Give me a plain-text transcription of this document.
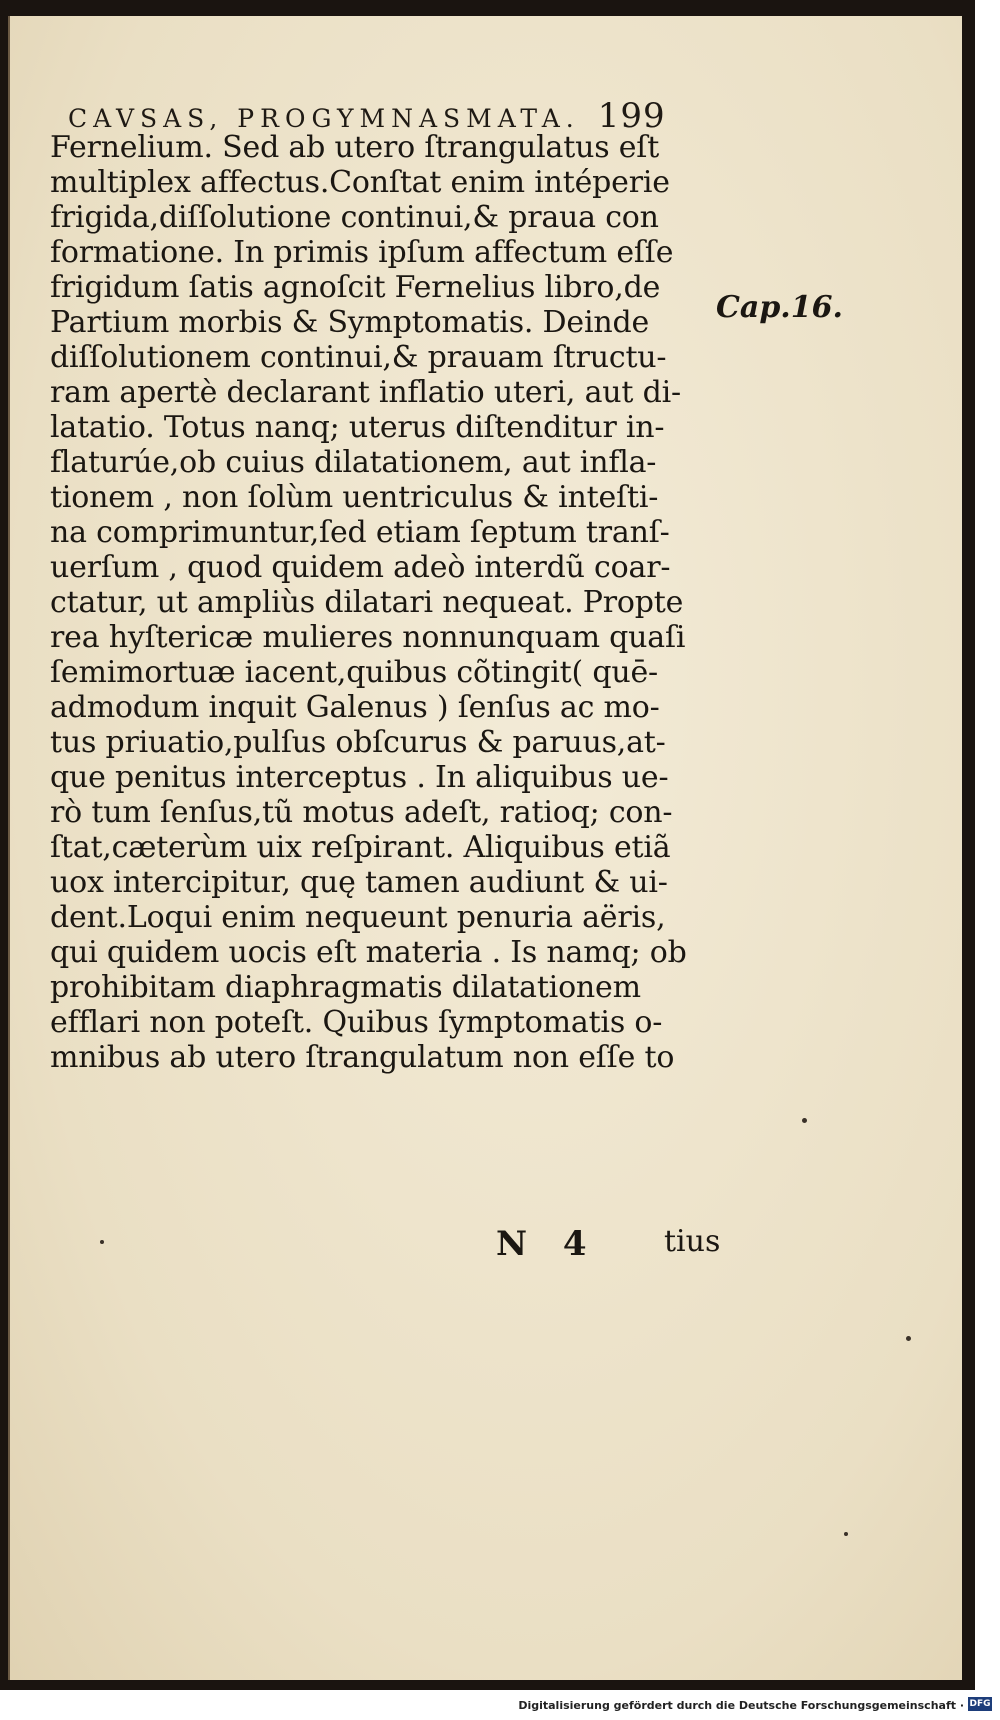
CAVSAS, PROGYMNASMATA. 199
Fernelium. Sed ab utero ſtrangulatus eſt
multiplex affectus.Conſtat enim intéperie
frigida,diſſolutione continui,& praua con
formatione. In primis ipſum affectum eſſe
frigidum ſatis agnoſcit Fernelius libro,de
Partium morbis & Symptomatis. Deinde
diſſolutionem continui,& prauam ſtructu-
ram apertè declarant inflatio uteri, aut di-
latatio. Totus nanq; uterus diſtenditur in-
flaturúe,ob cuius dilatationem, aut infla-
tionem , non ſolùm uentriculus & inteſti-
na comprimuntur,ſed etiam ſeptum tranſ-
uerſum , quod quidem adeò interdũ coar-
ctatur, ut ampliùs dilatari nequeat. Propte
rea hyſtericæ mulieres nonnunquam quaſi
ſemimortuæ iacent,quibus cõtingit( quē-
admodum inquit Galenus ) ſenſus ac mo-
tus priuatio,pulſus obſcurus & paruus,at-
que penitus interceptus . In aliquibus ue-
rò tum ſenſus,tũ motus adeſt, ratioq; con-
ſtat,cæterùm uix reſpirant. Aliquibus etiã
uox intercipitur, quę tamen audiunt & ui-
dent.Loqui enim nequeunt penuria aëris,
qui quidem uocis eſt materia . Is namq; ob
prohibitam diaphragmatis dilatationem
efflari non poteſt. Quibus ſymptomatis o-
mnibus ab utero ſtrangulatum non eſſe to
Cap.16.
N 4 tius
Digitalisierung gefördert durch die Deutsche Forschungsgemeinschaft · DFG
